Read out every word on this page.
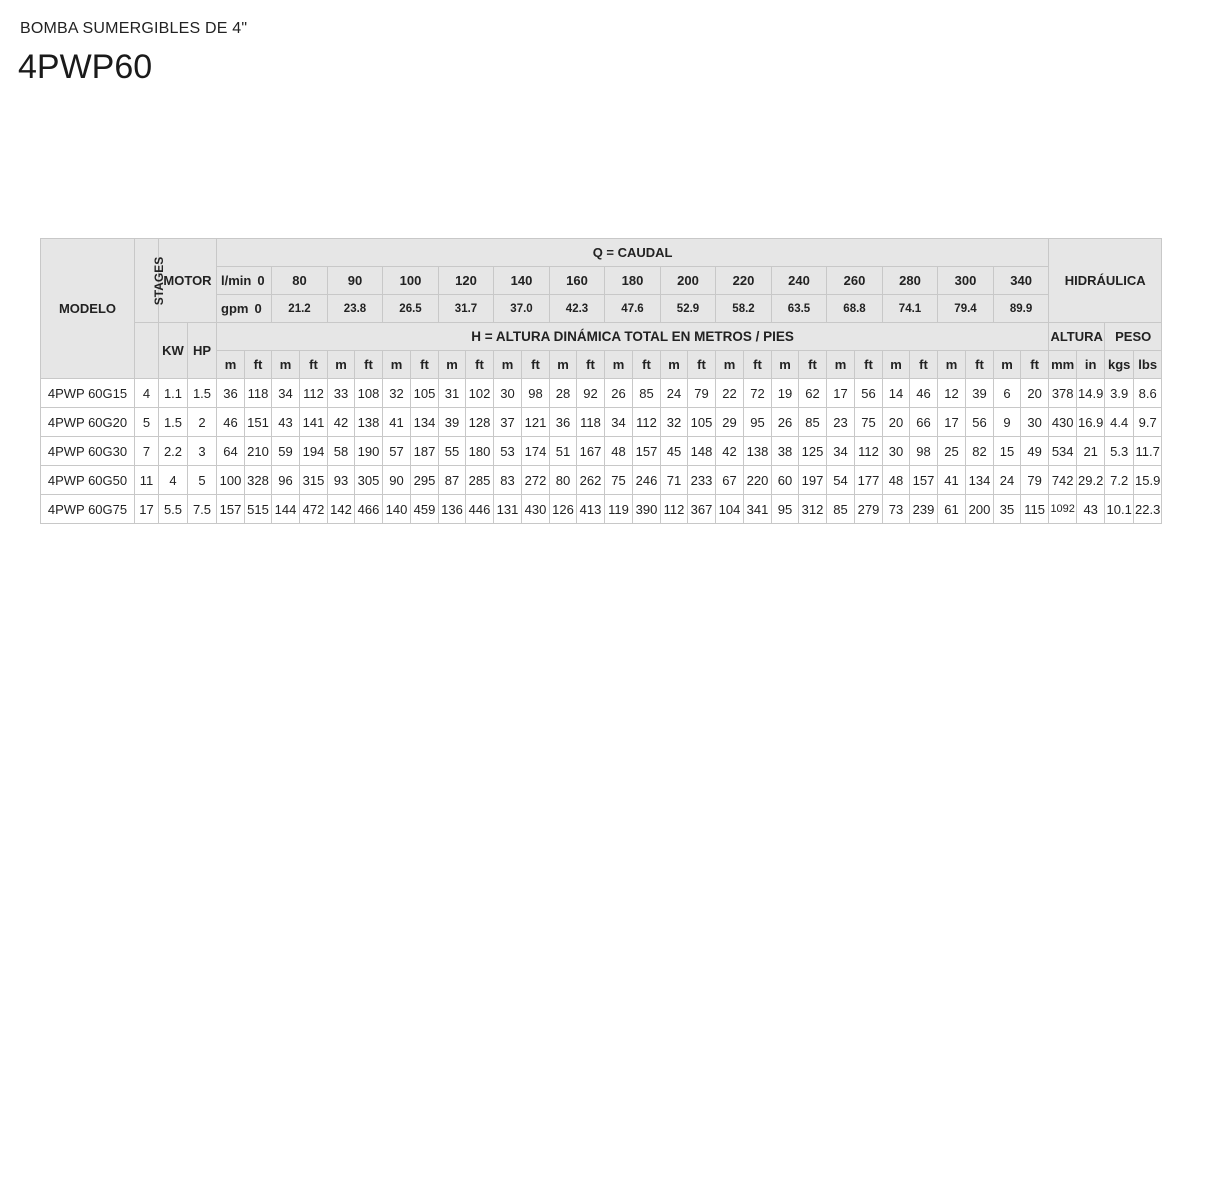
BOMBA SUMERGIBLES DE 4"
4PWP60
MODELO	STAGES	MOTOR		Q = CAUDAL																														HIDRÁULICA			
				l/min 0		80		90		100		120		140		160		180		200		220		240		260		280		300		340					
				gpm 0		21.2		23.8		26.5		31.7		37.0		42.3		47.6		52.9		58.2		63.5		68.8		74.1		79.4		89.9					
		KW	HP	H = ALTURA DINÁMICA TOTAL EN METROS / PIES																														ALTURA		PESO	
				m	ft	m	ft	m	ft	m	ft	m	ft	m	ft	m	ft	m	ft	m	ft	m	ft	m	ft	m	ft	m	ft	m	ft	m	ft	mm	in	kgs	lbs
4PWP 60G15	4	1.1	1.5	36	118	34	112	33	108	32	105	31	102	30	98	28	92	26	85	24	79	22	72	19	62	17	56	14	46	12	39	6	20	378	14.9	3.9	8.6
4PWP 60G20	5	1.5	2	46	151	43	141	42	138	41	134	39	128	37	121	36	118	34	112	32	105	29	95	26	85	23	75	20	66	17	56	9	30	430	16.9	4.4	9.7
4PWP 60G30	7	2.2	3	64	210	59	194	58	190	57	187	55	180	53	174	51	167	48	157	45	148	42	138	38	125	34	112	30	98	25	82	15	49	534	21	5.3	11.7
4PWP 60G50	11	4	5	100	328	96	315	93	305	90	295	87	285	83	272	80	262	75	246	71	233	67	220	60	197	54	177	48	157	41	134	24	79	742	29.2	7.2	15.9
4PWP 60G75	17	5.5	7.5	157	515	144	472	142	466	140	459	136	446	131	430	126	413	119	390	112	367	104	341	95	312	85	279	73	239	61	200	35	115	1092	43	10.1	22.3
